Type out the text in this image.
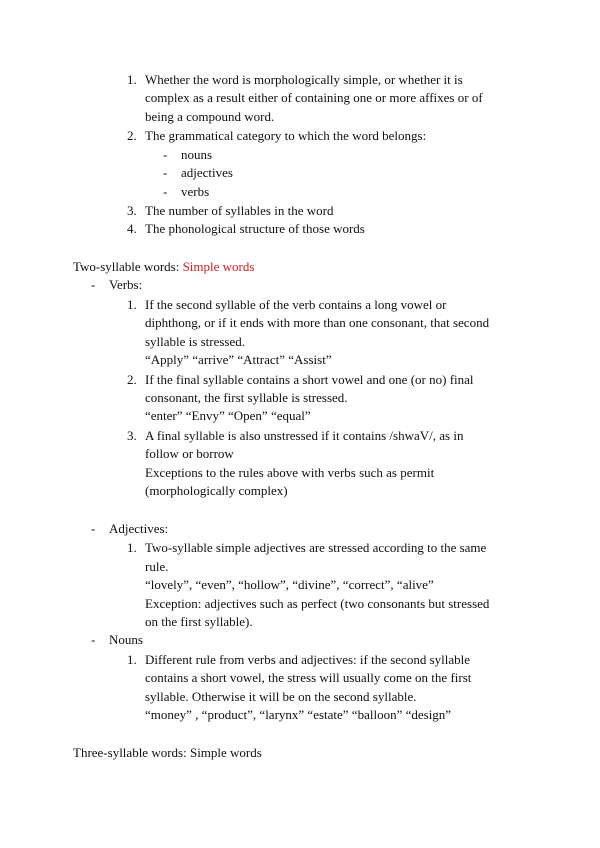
1. Whether the word is morphologically simple, or whether it is
complex as a result either of containing one or more affixes or of
being a compound word.
2. The grammatical category to which the word belongs:
- nouns
- adjectives
- verbs
3. The number of syllables in the word
4. The phonological structure of those words
Two-syllable words: Simple words
- Verbs:
1. If the second syllable of the verb contains a long vowel or
diphthong, or if it ends with more than one consonant, that second
syllable is stressed.
“Apply” “arrive” “Attract” “Assist”
2. If the final syllable contains a short vowel and one (or no) final
consonant, the first syllable is stressed.
“enter” “Envy” “Open” “equal”
3. A final syllable is also unstressed if it contains /shwaV/, as in
follow or borrow
Exceptions to the rules above with verbs such as permit
(morphologically complex)
- Adjectives:
1. Two-syllable simple adjectives are stressed according to the same
rule.
“lovely”, “even”, “hollow”, “divine”, “correct”, “alive”
Exception: adjectives such as perfect (two consonants but stressed
on the first syllable).
- Nouns
1. Different rule from verbs and adjectives: if the second syllable
contains a short vowel, the stress will usually come on the first
syllable. Otherwise it will be on the second syllable.
“money” , “product”, “larynx” “estate” “balloon” “design”
Three-syllable words: Simple words
